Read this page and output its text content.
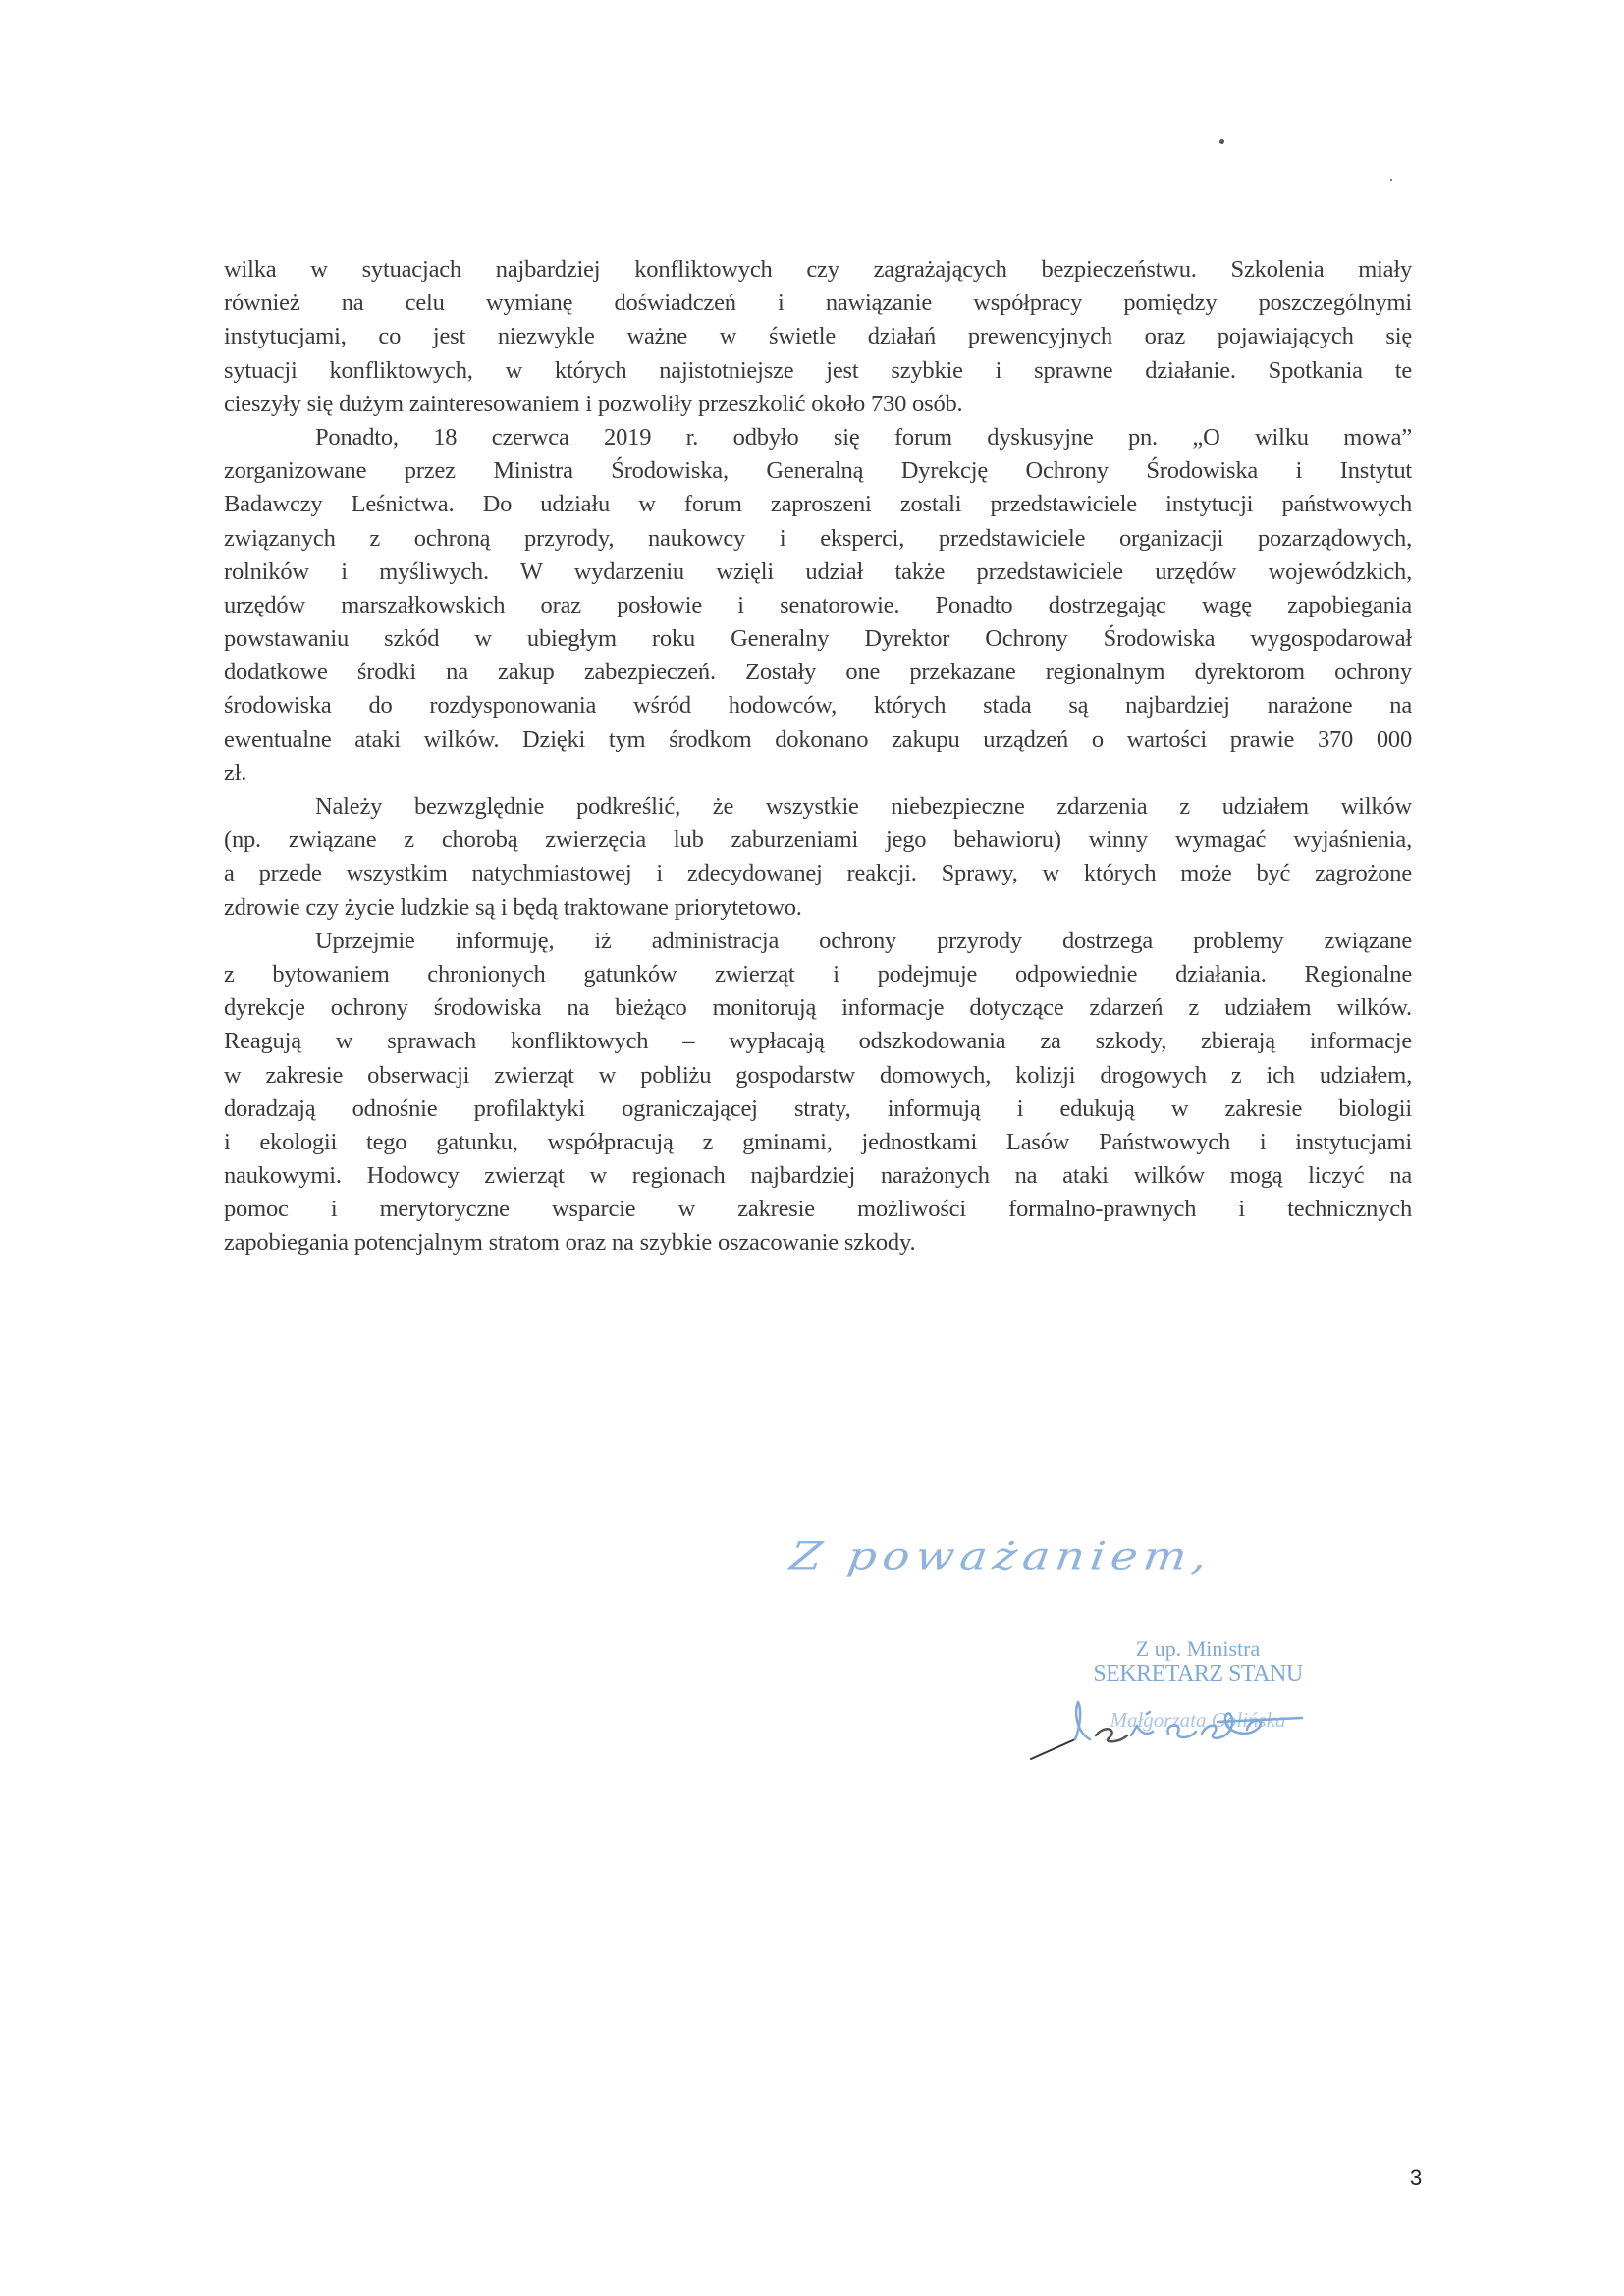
wilka w sytuacjach najbardziej konfliktowych czy zagrażających bezpieczeństwu. Szkolenia miały
również na celu wymianę doświadczeń i nawiązanie współpracy pomiędzy poszczególnymi
instytucjami, co jest niezwykle ważne w świetle działań prewencyjnych oraz pojawiających się
sytuacji konfliktowych, w których najistotniejsze jest szybkie i sprawne działanie. Spotkania te
cieszyły się dużym zainteresowaniem i pozwoliły przeszkolić około 730 osób.
Ponadto, 18 czerwca 2019 r. odbyło się forum dyskusyjne pn. „O wilku mowa”
zorganizowane przez Ministra Środowiska, Generalną Dyrekcję Ochrony Środowiska i Instytut
Badawczy Leśnictwa. Do udziału w forum zaproszeni zostali przedstawiciele instytucji państwowych
związanych z ochroną przyrody, naukowcy i eksperci, przedstawiciele organizacji pozarządowych,
rolników i myśliwych. W wydarzeniu wzięli udział także przedstawiciele urzędów wojewódzkich,
urzędów marszałkowskich oraz posłowie i senatorowie. Ponadto dostrzegając wagę zapobiegania
powstawaniu szkód w ubiegłym roku Generalny Dyrektor Ochrony Środowiska wygospodarował
dodatkowe środki na zakup zabezpieczeń. Zostały one przekazane regionalnym dyrektorom ochrony
środowiska do rozdysponowania wśród hodowców, których stada są najbardziej narażone na
ewentualne ataki wilków. Dzięki tym środkom dokonano zakupu urządzeń o wartości prawie 370 000
zł.
Należy bezwzględnie podkreślić, że wszystkie niebezpieczne zdarzenia z udziałem wilków
(np. związane z chorobą zwierzęcia lub zaburzeniami jego behawioru) winny wymagać wyjaśnienia,
a przede wszystkim natychmiastowej i zdecydowanej reakcji. Sprawy, w których może być zagrożone
zdrowie czy życie ludzkie są i będą traktowane priorytetowo.
Uprzejmie informuję, iż administracja ochrony przyrody dostrzega problemy związane
z bytowaniem chronionych gatunków zwierząt i podejmuje odpowiednie działania. Regionalne
dyrekcje ochrony środowiska na bieżąco monitorują informacje dotyczące zdarzeń z udziałem wilków.
Reagują w sprawach konfliktowych – wypłacają odszkodowania za szkody, zbierają informacje
w zakresie obserwacji zwierząt w pobliżu gospodarstw domowych, kolizji drogowych z ich udziałem,
doradzają odnośnie profilaktyki ograniczającej straty, informują i edukują w zakresie biologii
i ekologii tego gatunku, współpracują z gminami, jednostkami Lasów Państwowych i instytucjami
naukowymi. Hodowcy zwierząt w regionach najbardziej narażonych na ataki wilków mogą liczyć na
pomoc i merytoryczne wsparcie w zakresie możliwości formalno-prawnych i technicznych
zapobiegania potencjalnym stratom oraz na szybkie oszacowanie szkody.
Z poważaniem,
Z up. Ministra
SEKRETARZ STANU
Małgorzata Golińska
3
